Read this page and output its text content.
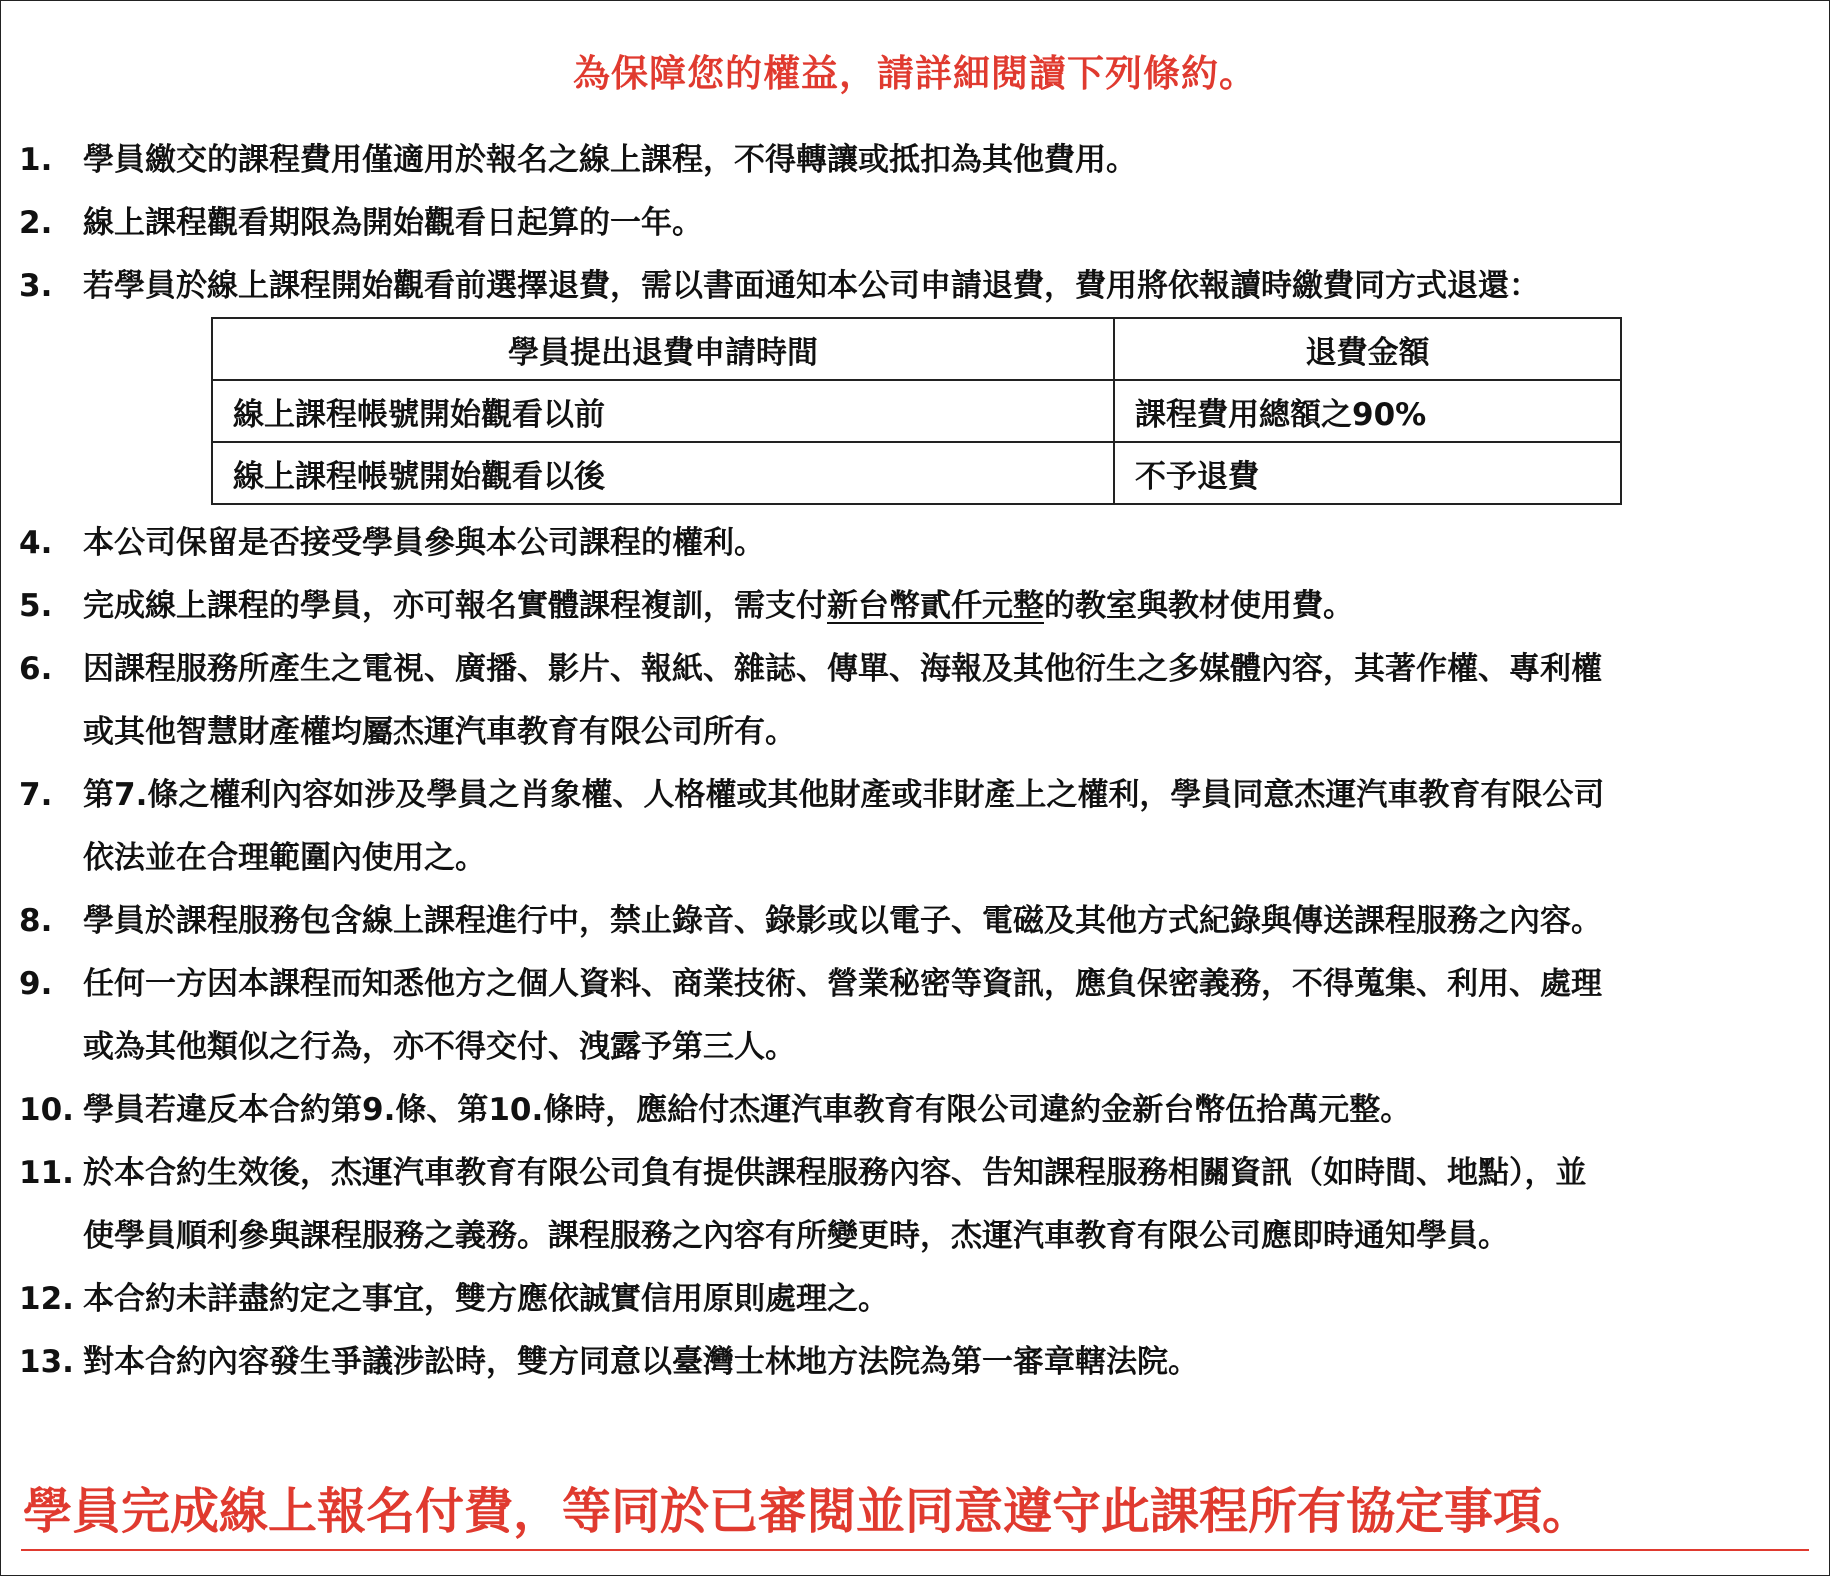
為保障您的權益，請詳細閱讀下列條約。
1. 學員繳交的課程費用僅適用於報名之線上課程，不得轉讓或抵扣為其他費用。
2. 線上課程觀看期限為開始觀看日起算的一年。
3. 若學員於線上課程開始觀看前選擇退費，需以書面通知本公司申請退費，費用將依報讀時繳費同方式退還：
學員提出退費申請時間	退費金額
線上課程帳號開始觀看以前	課程費用總額之90%
線上課程帳號開始觀看以後	不予退費
4. 本公司保留是否接受學員參與本公司課程的權利。
5. 完成線上課程的學員，亦可報名實體課程複訓，需支付新台幣貳仟元整的教室與教材使用費。
6. 因課程服務所產生之電視、廣播、影片、報紙、雜誌、傳單、海報及其他衍生之多媒體內容，其著作權、專利權
或其他智慧財產權均屬杰運汽車教育有限公司所有。
7. 第7.條之權利內容如涉及學員之肖象權、人格權或其他財產或非財產上之權利，學員同意杰運汽車教育有限公司
依法並在合理範圍內使用之。
8. 學員於課程服務包含線上課程進行中，禁止錄音、錄影或以電子、電磁及其他方式紀錄與傳送課程服務之內容。
9. 任何一方因本課程而知悉他方之個人資料、商業技術、營業秘密等資訊，應負保密義務，不得蒐集、利用、處理
或為其他類似之行為，亦不得交付、洩露予第三人。
10. 學員若違反本合約第9.條、第10.條時，應給付杰運汽車教育有限公司違約金新台幣伍拾萬元整。
11. 於本合約生效後，杰運汽車教育有限公司負有提供課程服務內容、告知課程服務相關資訊（如時間、地點），並
使學員順利參與課程服務之義務。課程服務之內容有所變更時，杰運汽車教育有限公司應即時通知學員。
12. 本合約未詳盡約定之事宜，雙方應依誠實信用原則處理之。
13. 對本合約內容發生爭議涉訟時，雙方同意以臺灣士林地方法院為第一審章轄法院。
學員完成線上報名付費，等同於已審閱並同意遵守此課程所有協定事項。
